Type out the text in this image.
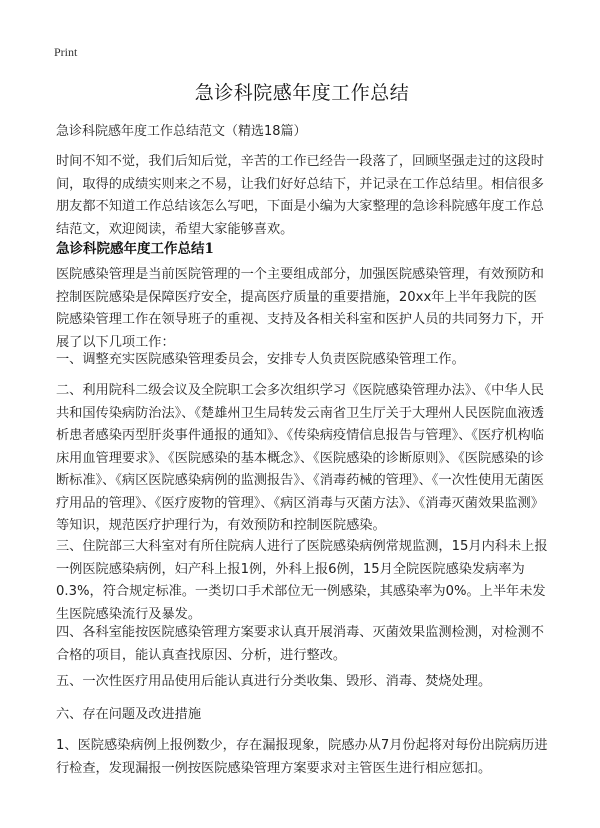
Print
急诊科院感年度工作总结

急诊科院感年度工作总结范文（精选18篇）

时间不知不觉，我们后知后觉，辛苦的工作已经告一段落了，回顾坚强走过的这段时间，取得的成绩实则来之不易，让我们好好总结下，并记录在工作总结里。相信很多朋友都不知道工作总结该怎么写吧，下面是小编为大家整理的急诊科院感年度工作总结范文，欢迎阅读，希望大家能够喜欢。

急诊科院感年度工作总结1

医院感染管理是当前医院管理的一个主要组成部分，加强医院感染管理，有效预防和控制医院感染是保障医疗安全，提高医疗质量的重要措施，20xx年上半年我院的医院感染管理工作在领导班子的重视、支持及各相关科室和医护人员的共同努力下，开展了以下几项工作：

一、调整充实医院感染管理委员会，安排专人负责医院感染管理工作。

二、利用院科二级会议及全院职工会多次组织学习《医院感染管理办法》、《中华人民共和国传染病防治法》、《楚雄州卫生局转发云南省卫生厅关于大理州人民医院血液透析患者感染丙型肝炎事件通报的通知》、《传染病疫情信息报告与管理》、《医疗机构临床用血管理要求》、《医院感染的基本概念》、《医院感染的诊断原则》、《医院感染的诊断标准》、《病区医院感染病例的监测报告》、《消毒药械的管理》、《一次性使用无菌医疗用品的管理》、《医疗废物的管理》、《病区消毒与灭菌方法》、《消毒灭菌效果监测》等知识，规范医疗护理行为，有效预防和控制医院感染。

三、住院部三大科室对有所住院病人进行了医院感染病例常规监测，15月内科未上报一例医院感染病例，妇产科上报1例，外科上报6例，15月全院医院感染发病率为0.3%，符合规定标准。一类切口手术部位无一例感染，其感染率为0%。上半年未发生医院感染流行及暴发。

四、各科室能按医院感染管理方案要求认真开展消毒、灭菌效果监测检测，对检测不合格的项目，能认真查找原因、分析，进行整改。

五、一次性医疗用品使用后能认真进行分类收集、毁形、消毒、焚烧处理。

六、存在问题及改进措施

1、医院感染病例上报例数少，存在漏报现象，院感办从7月份起将对每份出院病历进行检查，发现漏报一例按医院感染管理方案要求对主管医生进行相应惩扣。
